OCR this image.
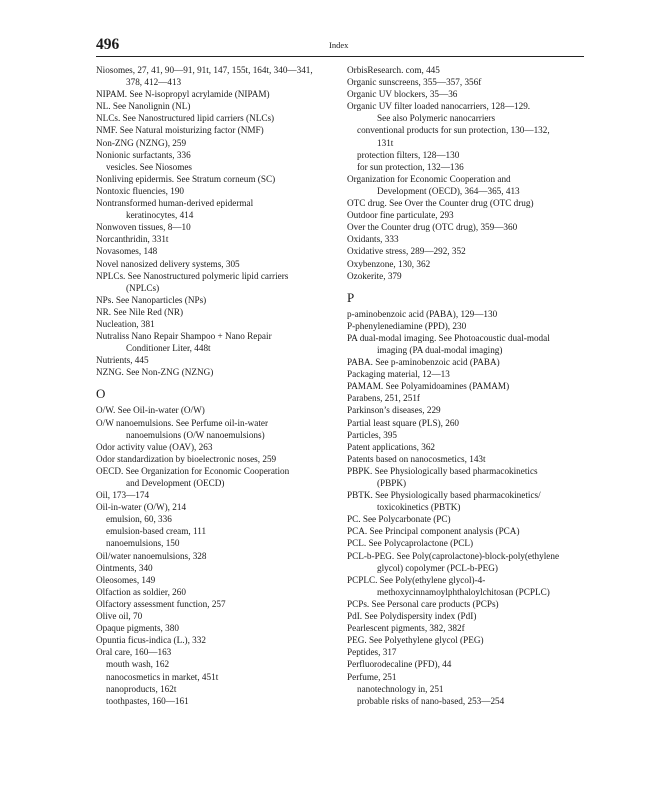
496	Index
Niosomes, 27, 41, 90—91, 91t, 147, 155t, 164t, 340—341,
378, 412—413
NIPAM. See N-isopropyl acrylamide (NIPAM)
NL. See Nanolignin (NL)
NLCs. See Nanostructured lipid carriers (NLCs)
NMF. See Natural moisturizing factor (NMF)
Non-ZNG (NZNG), 259
Nonionic surfactants, 336
vesicles. See Niosomes
Nonliving epidermis. See Stratum corneum (SC)
Nontoxic fluencies, 190
Nontransformed human-derived epidermal
keratinocytes, 414
Nonwoven tissues, 8—10
Norcanthridin, 331t
Novasomes, 148
Novel nanosized delivery systems, 305
NPLCs. See Nanostructured polymeric lipid carriers
(NPLCs)
NPs. See Nanoparticles (NPs)
NR. See Nile Red (NR)
Nucleation, 381
Nutraliss Nano Repair Shampoo + Nano Repair
Conditioner Liter, 448t
Nutrients, 445
NZNG. See Non-ZNG (NZNG)
O
O/W. See Oil-in-water (O/W)
O/W nanoemulsions. See Perfume oil-in-water
nanoemulsions (O/W nanoemulsions)
Odor activity value (OAV), 263
Odor standardization by bioelectronic noses, 259
OECD. See Organization for Economic Cooperation
and Development (OECD)
Oil, 173—174
Oil-in-water (O/W), 214
emulsion, 60, 336
emulsion-based cream, 111
nanoemulsions, 150
Oil/water nanoemulsions, 328
Ointments, 340
Oleosomes, 149
Olfaction as soldier, 260
Olfactory assessment function, 257
Olive oil, 70
Opaque pigments, 380
Opuntia ficus-indica (L.), 332
Oral care, 160—163
mouth wash, 162
nanocosmetics in market, 451t
nanoproducts, 162t
toothpastes, 160—161
OrbisResearch. com, 445
Organic sunscreens, 355—357, 356f
Organic UV blockers, 35—36
Organic UV filter loaded nanocarriers, 128—129.
See also Polymeric nanocarriers
conventional products for sun protection, 130—132,
131t
protection filters, 128—130
for sun protection, 132—136
Organization for Economic Cooperation and
Development (OECD), 364—365, 413
OTC drug. See Over the Counter drug (OTC drug)
Outdoor fine particulate, 293
Over the Counter drug (OTC drug), 359—360
Oxidants, 333
Oxidative stress, 289—292, 352
Oxybenzone, 130, 362
Ozokerite, 379
P
p-aminobenzoic acid (PABA), 129—130
P-phenylenediamine (PPD), 230
PA dual-modal imaging. See Photoacoustic dual-modal
imaging (PA dual-modal imaging)
PABA. See p-aminobenzoic acid (PABA)
Packaging material, 12—13
PAMAM. See Polyamidoamines (PAMAM)
Parabens, 251, 251f
Parkinson’s diseases, 229
Partial least square (PLS), 260
Particles, 395
Patent applications, 362
Patents based on nanocosmetics, 143t
PBPK. See Physiologically based pharmacokinetics
(PBPK)
PBTK. See Physiologically based pharmacokinetics/
toxicokinetics (PBTK)
PC. See Polycarbonate (PC)
PCA. See Principal component analysis (PCA)
PCL. See Polycaprolactone (PCL)
PCL-b-PEG. See Poly(caprolactone)-block-poly(ethylene
glycol) copolymer (PCL-b-PEG)
PCPLC. See Poly(ethylene glycol)-4-
methoxycinnamoylphthaloylchitosan (PCPLC)
PCPs. See Personal care products (PCPs)
PdI. See Polydispersity index (PdI)
Pearlescent pigments, 382, 382f
PEG. See Polyethylene glycol (PEG)
Peptides, 317
Perfluorodecaline (PFD), 44
Perfume, 251
nanotechnology in, 251
probable risks of nano-based, 253—254
